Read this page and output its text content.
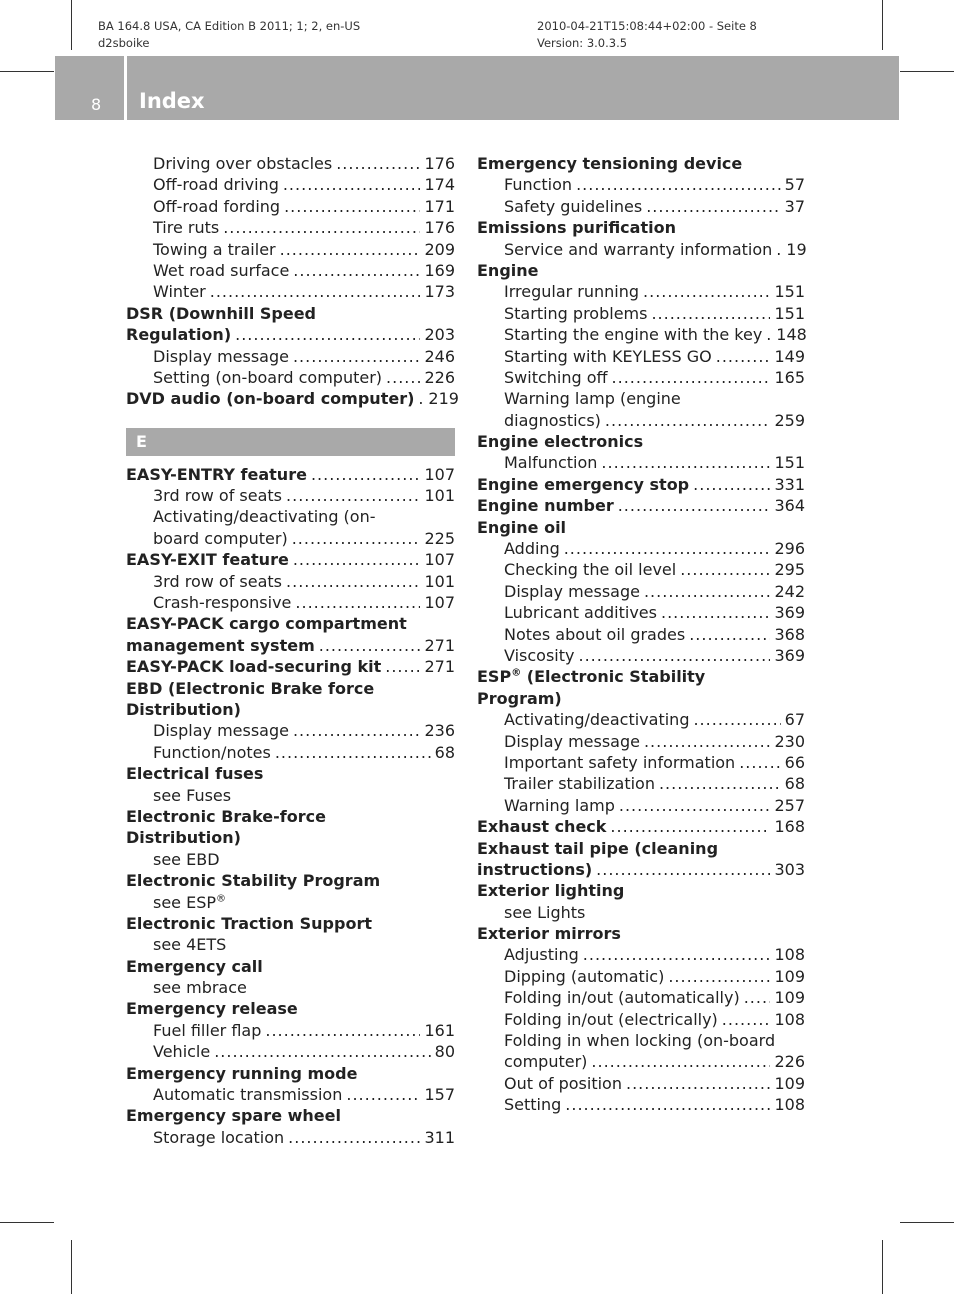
BA 164.8 USA, CA Edition B 2011; 1; 2, en-US
d2sboike
2010-04-21T15:08:44+02:00 - Seite 8
Version: 3.0.3.5
8 Index
Driving over obstacles .....	176
Off-road driving .....	174
Off-road fording .....	171
Tire ruts .....	176
Towing a trailer .....	209
Wet road surface .....	169
Winter .....	173
DSR (Downhill Speed
Regulation) .....	203
Display message .....	246
Setting (on-board computer) .....	226
DVD audio (on-board computer) ..... 219
E
EASY-ENTRY feature .....	107
3rd row of seats .....	101
Activating/deactivating (on-
board computer) .....	225
EASY-EXIT feature .....	107
3rd row of seats .....	101
Crash-responsive .....	107
EASY-PACK cargo compartment
management system .....	271
EASY-PACK load-securing kit .....	271
EBD (Electronic Brake force
Distribution)
Display message .....	236
Function/notes .....	68
Electrical fuses
see Fuses
Electronic Brake-force
Distribution)
see EBD
Electronic Stability Program
see ESP®
Electronic Traction Support
see 4ETS
Emergency call
see mbrace
Emergency release
Fuel filler flap .....	161
Vehicle .....	80
Emergency running mode
Automatic transmission .....	157
Emergency spare wheel
Storage location .....	311
Emergency tensioning device
Function .....	57
Safety guidelines .....	37
Emissions purification
Service and warranty information ..... 19
Engine
Irregular running .....	151
Starting problems .....	151
Starting the engine with the key ..... 148
Starting with KEYLESS GO .....	149
Switching off .....	165
Warning lamp (engine
diagnostics) .....	259
Engine electronics
Malfunction .....	151
Engine emergency stop .....	331
Engine number .....	364
Engine oil
Adding .....	296
Checking the oil level .....	295
Display message .....	242
Lubricant additives .....	369
Notes about oil grades .....	368
Viscosity .....	369
ESP® (Electronic Stability
Program)
Activating/deactivating .....	67
Display message .....	230
Important safety information .....	66
Trailer stabilization .....	68
Warning lamp .....	257
Exhaust check .....	168
Exhaust tail pipe (cleaning
instructions) .....	303
Exterior lighting
see Lights
Exterior mirrors
Adjusting .....	108
Dipping (automatic) .....	109
Folding in/out (automatically) ..... 109
Folding in/out (electrically) .....	108
Folding in when locking (on-board
computer) .....	226
Out of position .....	109
Setting .....	108
